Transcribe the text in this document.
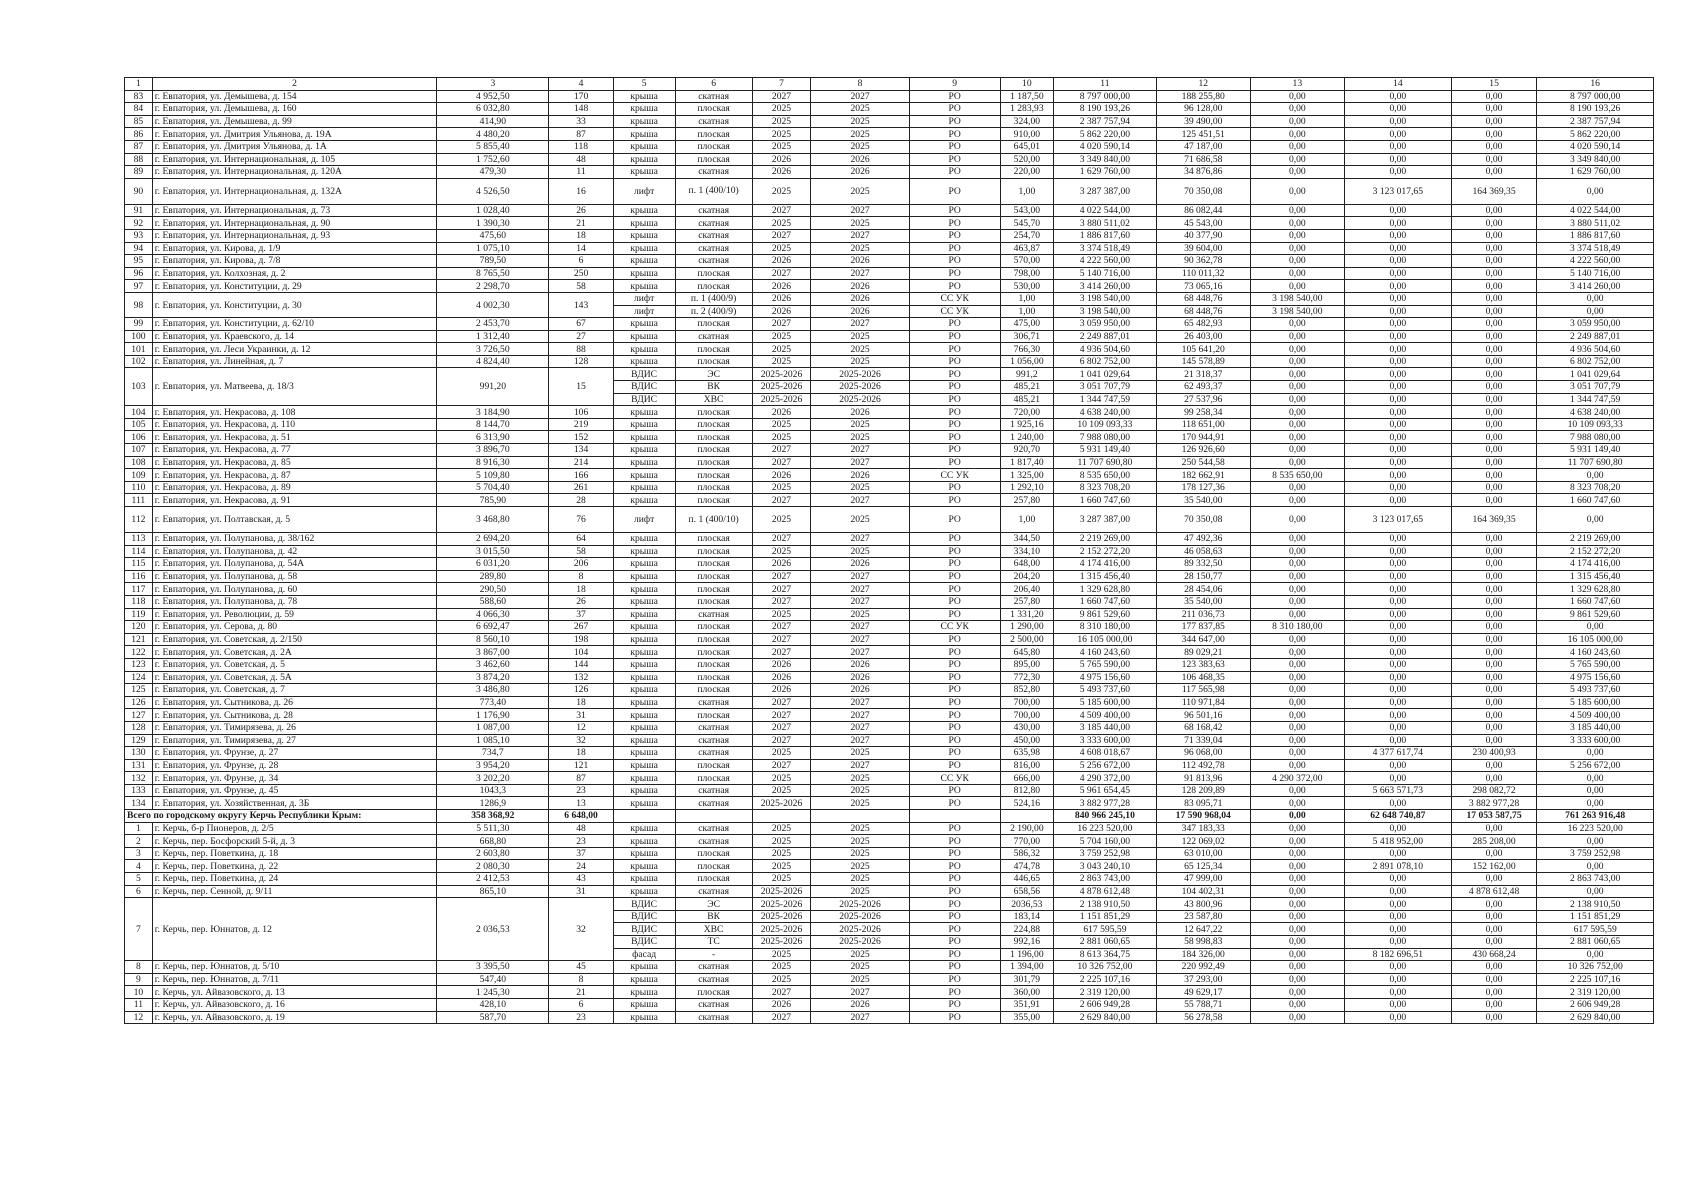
1	2	3	4	5	6	7	8	9	10	11	12	13	14	15	16
83	г. Евпатория, ул. Демышева, д. 154	4 952,50	170	крыша	скатная	2027	2027	РО	1 187,50	8 797 000,00	188 255,80	0,00	0,00	0,00	8 797 000,00
84	г. Евпатория, ул. Демышева, д. 160	6 032,80	148	крыша	плоская	2025	2025	РО	1 283,93	8 190 193,26	96 128,00	0,00	0,00	0,00	8 190 193,26
85	г. Евпатория, ул. Демышева, д. 99	414,90	33	крыша	скатная	2025	2025	РО	324,00	2 387 757,94	39 490,00	0,00	0,00	0,00	2 387 757,94
86	г. Евпатория, ул. Дмитрия Ульянова, д. 19А	4 480,20	87	крыша	плоская	2025	2025	РО	910,00	5 862 220,00	125 451,51	0,00	0,00	0,00	5 862 220,00
87	г. Евпатория, ул. Дмитрия Ульянова, д. 1А	5 855,40	118	крыша	плоская	2025	2025	РО	645,01	4 020 590,14	47 187,00	0,00	0,00	0,00	4 020 590,14
88	г. Евпатория, ул. Интернациональная, д. 105	1 752,60	48	крыша	плоская	2026	2026	РО	520,00	3 349 840,00	71 686,58	0,00	0,00	0,00	3 349 840,00
89	г. Евпатория, ул. Интернациональная, д. 120А	479,30	11	крыша	скатная	2026	2026	РО	220,00	1 629 760,00	34 876,86	0,00	0,00	0,00	1 629 760,00
90	г. Евпатория, ул. Интернациональная, д. 132А	4 526,50	16	лифт	п. 1 (400/10)	2025	2025	РО	1,00	3 287 387,00	70 350,08	0,00	3 123 017,65	164 369,35	0,00
91	г. Евпатория, ул. Интернациональная, д. 73	1 028,40	26	крыша	скатная	2027	2027	РО	543,00	4 022 544,00	86 082,44	0,00	0,00	0,00	4 022 544,00
92	г. Евпатория, ул. Интернациональная, д. 90	1 390,30	21	крыша	скатная	2025	2025	РО	545,70	3 880 511,02	45 543,00	0,00	0,00	0,00	3 880 511,02
93	г. Евпатория, ул. Интернациональная, д. 93	475,60	18	крыша	скатная	2027	2027	РО	254,70	1 886 817,60	40 377,90	0,00	0,00	0,00	1 886 817,60
94	г. Евпатория, ул. Кирова, д. 1/9	1 075,10	14	крыша	скатная	2025	2025	РО	463,87	3 374 518,49	39 604,00	0,00	0,00	0,00	3 374 518,49
95	г. Евпатория, ул. Кирова, д. 7/8	789,50	6	крыша	скатная	2026	2026	РО	570,00	4 222 560,00	90 362,78	0,00	0,00	0,00	4 222 560,00
96	г. Евпатория, ул. Колхозная, д. 2	8 765,50	250	крыша	плоская	2027	2027	РО	798,00	5 140 716,00	110 011,32	0,00	0,00	0,00	5 140 716,00
97	г. Евпатория, ул. Конституции, д. 29	2 298,70	58	крыша	плоская	2026	2026	РО	530,00	3 414 260,00	73 065,16	0,00	0,00	0,00	3 414 260,00
98	г. Евпатория, ул. Конституции, д. 30	4 002,30	143	лифт	п. 1 (400/9)	2026	2026	СС УК	1,00	3 198 540,00	68 448,76	3 198 540,00	0,00	0,00	0,00
				лифт	п. 2 (400/9)	2026	2026	СС УК	1,00	3 198 540,00	68 448,76	3 198 540,00	0,00	0,00	0,00
99	г. Евпатория, ул. Конституции, д. 62/10	2 453,70	67	крыша	плоская	2027	2027	РО	475,00	3 059 950,00	65 482,93	0,00	0,00	0,00	3 059 950,00
100	г. Евпатория, ул. Краевского, д. 14	1 312,40	27	крыша	скатная	2025	2025	РО	306,71	2 249 887,01	26 403,00	0,00	0,00	0,00	2 249 887,01
101	г. Евпатория, ул. Леси Украинки, д. 12	3 726,50	88	крыша	плоская	2025	2025	РО	766,30	4 936 504,60	105 641,20	0,00	0,00	0,00	4 936 504,60
102	г. Евпатория, ул. Линейная, д. 7	4 824,40	128	крыша	плоская	2025	2025	РО	1 056,00	6 802 752,00	145 578,89	0,00	0,00	0,00	6 802 752,00
103	г. Евпатория, ул. Матвеева, д. 18/3	991,20	15	ВДИС	ЭС	2025-2026	2025-2026	РО	991,2	1 041 029,64	21 318,37	0,00	0,00	0,00	1 041 029,64
				ВДИС	ВК	2025-2026	2025-2026	РО	485,21	3 051 707,79	62 493,37	0,00	0,00	0,00	3 051 707,79
				ВДИС	ХВС	2025-2026	2025-2026	РО	485,21	1 344 747,59	27 537,96	0,00	0,00	0,00	1 344 747,59
104	г. Евпатория, ул. Некрасова, д. 108	3 184,90	106	крыша	плоская	2026	2026	РО	720,00	4 638 240,00	99 258,34	0,00	0,00	0,00	4 638 240,00
105	г. Евпатория, ул. Некрасова, д. 110	8 144,70	219	крыша	плоская	2025	2025	РО	1 925,16	10 109 093,33	118 651,00	0,00	0,00	0,00	10 109 093,33
106	г. Евпатория, ул. Некрасова, д. 51	6 313,90	152	крыша	плоская	2025	2025	РО	1 240,00	7 988 080,00	170 944,91	0,00	0,00	0,00	7 988 080,00
107	г. Евпатория, ул. Некрасова, д. 77	3 896,70	134	крыша	плоская	2027	2027	РО	920,70	5 931 149,40	126 926,60	0,00	0,00	0,00	5 931 149,40
108	г. Евпатория, ул. Некрасова, д. 85	8 916,30	214	крыша	плоская	2027	2027	РО	1 817,40	11 707 690,80	250 544,58	0,00	0,00	0,00	11 707 690,80
109	г. Евпатория, ул. Некрасова, д. 87	5 109,80	166	крыша	плоская	2026	2026	СС УК	1 325,00	8 535 650,00	182 662,91	8 535 650,00	0,00	0,00	0,00
110	г. Евпатория, ул. Некрасова, д. 89	5 704,40	261	крыша	плоская	2025	2025	РО	1 292,10	8 323 708,20	178 127,36	0,00	0,00	0,00	8 323 708,20
111	г. Евпатория, ул. Некрасова, д. 91	785,90	28	крыша	плоская	2027	2027	РО	257,80	1 660 747,60	35 540,00	0,00	0,00	0,00	1 660 747,60
112	г. Евпатория, ул. Полтавская, д. 5	3 468,80	76	лифт	п. 1 (400/10)	2025	2025	РО	1,00	3 287 387,00	70 350,08	0,00	3 123 017,65	164 369,35	0,00
113	г. Евпатория, ул. Полупанова, д. 38/162	2 694,20	64	крыша	плоская	2027	2027	РО	344,50	2 219 269,00	47 492,36	0,00	0,00	0,00	2 219 269,00
114	г. Евпатория, ул. Полупанова, д. 42	3 015,50	58	крыша	плоская	2025	2025	РО	334,10	2 152 272,20	46 058,63	0,00	0,00	0,00	2 152 272,20
115	г. Евпатория, ул. Полупанова, д. 54А	6 031,20	206	крыша	плоская	2026	2026	РО	648,00	4 174 416,00	89 332,50	0,00	0,00	0,00	4 174 416,00
116	г. Евпатория, ул. Полупанова, д. 58	289,80	8	крыша	плоская	2027	2027	РО	204,20	1 315 456,40	28 150,77	0,00	0,00	0,00	1 315 456,40
117	г. Евпатория, ул. Полупанова, д. 60	290,50	18	крыша	плоская	2027	2027	РО	206,40	1 329 628,80	28 454,06	0,00	0,00	0,00	1 329 628,80
118	г. Евпатория, ул. Полупанова, д. 78	588,60	26	крыша	плоская	2027	2027	РО	257,80	1 660 747,60	35 540,00	0,00	0,00	0,00	1 660 747,60
119	г. Евпатория, ул. Революции, д. 59	4 066,30	37	крыша	скатная	2025	2025	РО	1 331,20	9 861 529,60	211 036,73	0,00	0,00	0,00	9 861 529,60
120	г. Евпатория, ул. Серова, д. 80	6 692,47	267	крыша	плоская	2027	2027	СС УК	1 290,00	8 310 180,00	177 837,85	8 310 180,00	0,00	0,00	0,00
121	г. Евпатория, ул. Советская, д. 2/150	8 560,10	198	крыша	плоская	2027	2027	РО	2 500,00	16 105 000,00	344 647,00	0,00	0,00	0,00	16 105 000,00
122	г. Евпатория, ул. Советская, д. 2А	3 867,00	104	крыша	плоская	2027	2027	РО	645,80	4 160 243,60	89 029,21	0,00	0,00	0,00	4 160 243,60
123	г. Евпатория, ул. Советская, д. 5	3 462,60	144	крыша	плоская	2026	2026	РО	895,00	5 765 590,00	123 383,63	0,00	0,00	0,00	5 765 590,00
124	г. Евпатория, ул. Советская, д. 5А	3 874,20	132	крыша	плоская	2026	2026	РО	772,30	4 975 156,60	106 468,35	0,00	0,00	0,00	4 975 156,60
125	г. Евпатория, ул. Советская, д. 7	3 486,80	126	крыша	плоская	2026	2026	РО	852,80	5 493 737,60	117 565,98	0,00	0,00	0,00	5 493 737,60
126	г. Евпатория, ул. Сытникова, д. 26	773,40	18	крыша	скатная	2027	2027	РО	700,00	5 185 600,00	110 971,84	0,00	0,00	0,00	5 185 600,00
127	г. Евпатория, ул. Сытникова, д. 28	1 176,90	31	крыша	плоская	2027	2027	РО	700,00	4 509 400,00	96 501,16	0,00	0,00	0,00	4 509 400,00
128	г. Евпатория, ул. Тимирязева, д. 26	1 087,00	12	крыша	скатная	2027	2027	РО	430,00	3 185 440,00	68 168,42	0,00	0,00	0,00	3 185 440,00
129	г. Евпатория, ул. Тимирязева, д. 27	1 085,10	32	крыша	скатная	2027	2027	РО	450,00	3 333 600,00	71 339,04	0,00	0,00	0,00	3 333 600,00
130	г. Евпатория, ул. Фрунзе, д. 27	734,7	18	крыша	скатная	2025	2025	РО	635,98	4 608 018,67	96 068,00	0,00	4 377 617,74	230 400,93	0,00
131	г. Евпатория, ул. Фрунзе, д. 28	3 954,20	121	крыша	плоская	2027	2027	РО	816,00	5 256 672,00	112 492,78	0,00	0,00	0,00	5 256 672,00
132	г. Евпатория, ул. Фрунзе, д. 34	3 202,20	87	крыша	плоская	2025	2025	СС УК	666,00	4 290 372,00	91 813,96	4 290 372,00	0,00	0,00	0,00
133	г. Евпатория, ул. Фрунзе, д. 45	1043,3	23	крыша	скатная	2025	2025	РО	812,80	5 961 654,45	128 209,89	0,00	5 663 571,73	298 082,72	0,00
134	г. Евпатория, ул. Хозяйственная, д. 3Б	1286,9	13	крыша	скатная	2025-2026	2025	РО	524,16	3 882 977,28	83 095,71	0,00	0,00	3 882 977,28	0,00
Всего по городскому округу Керчь Республики Крым:		358 368,92	6 648,00							840 966 245,10	17 590 968,04	0,00	62 648 740,87	17 053 587,75	761 263 916,48
1	г. Керчь, б-р Пионеров, д. 2/5	5 511,30	48	крыша	скатная	2025	2025	РО	2 190,00	16 223 520,00	347 183,33	0,00	0,00	0,00	16 223 520,00
2	г. Керчь, пер. Босфорский 5-й, д. 3	668,80	23	крыша	скатная	2025	2025	РО	770,00	5 704 160,00	122 069,02	0,00	5 418 952,00	285 208,00	0,00
3	г. Керчь, пер. Поветкина, д. 18	2 603,80	37	крыша	плоская	2025	2025	РО	586,32	3 759 252,98	63 010,00	0,00	0,00	0,00	3 759 252,98
4	г. Керчь, пер. Поветкина, д. 22	2 080,30	24	крыша	плоская	2025	2025	РО	474,78	3 043 240,10	65 125,34	0,00	2 891 078,10	152 162,00	0,00
5	г. Керчь, пер. Поветкина, д. 24	2 412,53	43	крыша	плоская	2025	2025	РО	446,65	2 863 743,00	47 999,00	0,00	0,00	0,00	2 863 743,00
6	г. Керчь, пер. Сенной, д. 9/11	865,10	31	крыша	скатная	2025-2026	2025	РО	658,56	4 878 612,48	104 402,31	0,00	0,00	4 878 612,48	0,00
7	г. Керчь, пер. Юннатов, д. 12	2 036,53	32	ВДИС	ЭС	2025-2026	2025-2026	РО	2036,53	2 138 910,50	43 800,96	0,00	0,00	0,00	2 138 910,50
				ВДИС	ВК	2025-2026	2025-2026	РО	183,14	1 151 851,29	23 587,80	0,00	0,00	0,00	1 151 851,29
				ВДИС	ХВС	2025-2026	2025-2026	РО	224,88	617 595,59	12 647,22	0,00	0,00	0,00	617 595,59
				ВДИС	ТС	2025-2026	2025-2026	РО	992,16	2 881 060,65	58 998,83	0,00	0,00	0,00	2 881 060,65
				фасад	-	2025	2025	РО	1 196,00	8 613 364,75	184 326,00	0,00	8 182 696,51	430 668,24	0,00
8	г. Керчь, пер. Юннатов, д. 5/10	3 395,50	45	крыша	скатная	2025	2025	РО	1 394,00	10 326 752,00	220 992,49	0,00	0,00	0,00	10 326 752,00
9	г. Керчь, пер. Юннатов, д. 7/11	547,40	8	крыша	скатная	2025	2025	РО	301,79	2 225 107,16	37 293,00	0,00	0,00	0,00	2 225 107,16
10	г. Керчь, ул. Айвазовского, д. 13	1 245,30	21	крыша	плоская	2027	2027	РО	360,00	2 319 120,00	49 629,17	0,00	0,00	0,00	2 319 120,00
11	г. Керчь, ул. Айвазовского, д. 16	428,10	6	крыша	скатная	2026	2026	РО	351,91	2 606 949,28	55 788,71	0,00	0,00	0,00	2 606 949,28
12	г. Керчь, ул. Айвазовского, д. 19	587,70	23	крыша	скатная	2027	2027	РО	355,00	2 629 840,00	56 278,58	0,00	0,00	0,00	2 629 840,00
